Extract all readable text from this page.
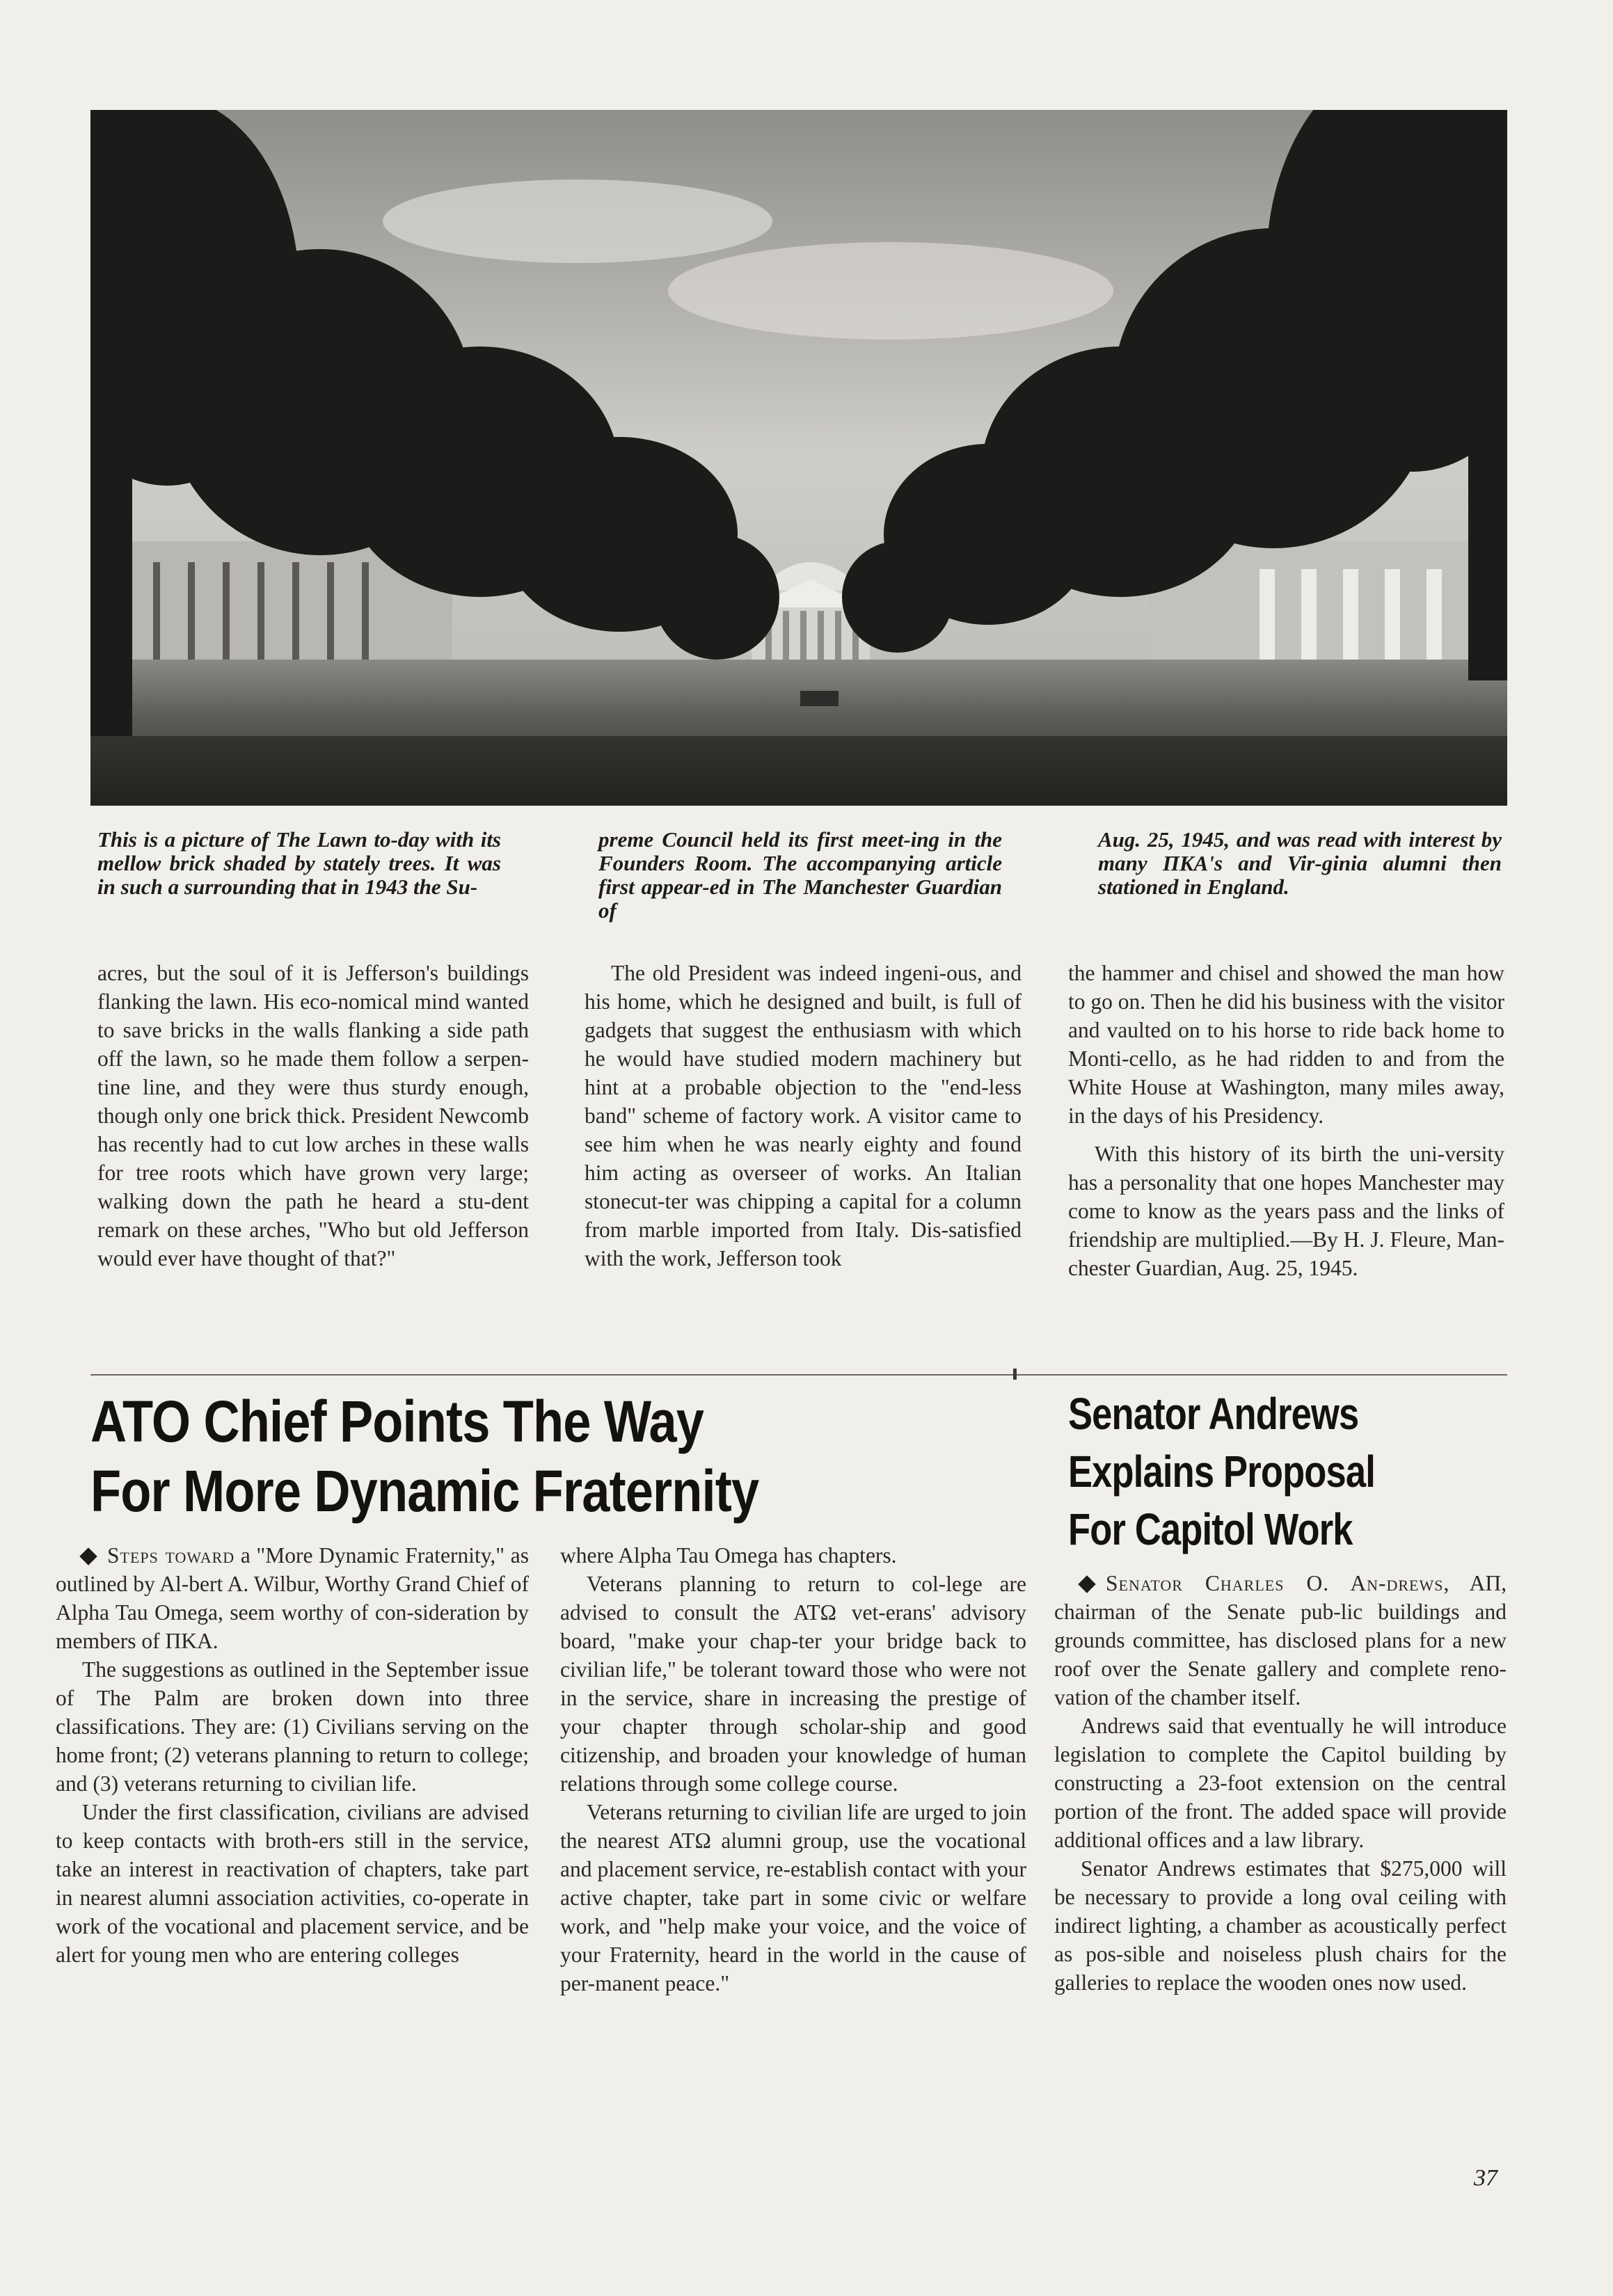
This is a picture of The Lawn to-day with its mellow brick shaded by stately trees. It was in such a surrounding that in 1943 the Su-

preme Council held its first meet-ing in the Founders Room. The accompanying article first appear-ed in The Manchester Guardian of

Aug. 25, 1945, and was read with interest by many ΠΚΑ's and Vir-ginia alumni then stationed in England.

acres, but the soul of it is Jefferson's buildings flanking the lawn. His eco-nomical mind wanted to save bricks in the walls flanking a side path off the lawn, so he made them follow a serpen-tine line, and they were thus sturdy enough, though only one brick thick. President Newcomb has recently had to cut low arches in these walls for tree roots which have grown very large; walking down the path he heard a stu-dent remark on these arches, "Who but old Jefferson would ever have thought of that?"

The old President was indeed ingeni-ous, and his home, which he designed and built, is full of gadgets that suggest the enthusiasm with which he would have studied modern machinery but hint at a probable objection to the "end-less band" scheme of factory work. A visitor came to see him when he was nearly eighty and found him acting as overseer of works. An Italian stonecut-ter was chipping a capital for a column from marble imported from Italy. Dis-satisfied with the work, Jefferson took

the hammer and chisel and showed the man how to go on. Then he did his business with the visitor and vaulted on to his horse to ride back home to Monti-cello, as he had ridden to and from the White House at Washington, many miles away, in the days of his Presidency.

With this history of its birth the uni-versity has a personality that one hopes Manchester may come to know as the years pass and the links of friendship are multiplied.—By H. J. Fleure, Man-chester Guardian, Aug. 25, 1945.

ATO Chief Points The Way
For More Dynamic Fraternity

Steps toward a "More Dynamic Fraternity," as outlined by Al-bert A. Wilbur, Worthy Grand Chief of Alpha Tau Omega, seem worthy of con-sideration by members of ΠΚΑ.

The suggestions as outlined in the September issue of The Palm are broken down into three classifications. They are: (1) Civilians serving on the home front; (2) veterans planning to return to college; and (3) veterans returning to civilian life.

Under the first classification, civilians are advised to keep contacts with broth-ers still in the service, take an interest in reactivation of chapters, take part in nearest alumni association activities, co-operate in work of the vocational and placement service, and be alert for young men who are entering colleges

where Alpha Tau Omega has chapters.

Veterans planning to return to col-lege are advised to consult the ATΩ vet-erans' advisory board, "make your chap-ter your bridge back to civilian life," be tolerant toward those who were not in the service, share in increasing the prestige of your chapter through scholar-ship and good citizenship, and broaden your knowledge of human relations through some college course.

Veterans returning to civilian life are urged to join the nearest ATΩ alumni group, use the vocational and placement service, re-establish contact with your active chapter, take part in some civic or welfare work, and "help make your voice, and the voice of your Fraternity, heard in the world in the cause of per-manent peace."

Senator Andrews
Explains Proposal
For Capitol Work

Senator Charles O. An-drews, AΠ, chairman of the Senate pub-lic buildings and grounds committee, has disclosed plans for a new roof over the Senate gallery and complete reno-vation of the chamber itself.

Andrews said that eventually he will introduce legislation to complete the Capitol building by constructing a 23-foot extension on the central portion of the front. The added space will provide additional offices and a law library.

Senator Andrews estimates that $275,000 will be necessary to provide a long oval ceiling with indirect lighting, a chamber as acoustically perfect as pos-sible and noiseless plush chairs for the galleries to replace the wooden ones now used.

37
